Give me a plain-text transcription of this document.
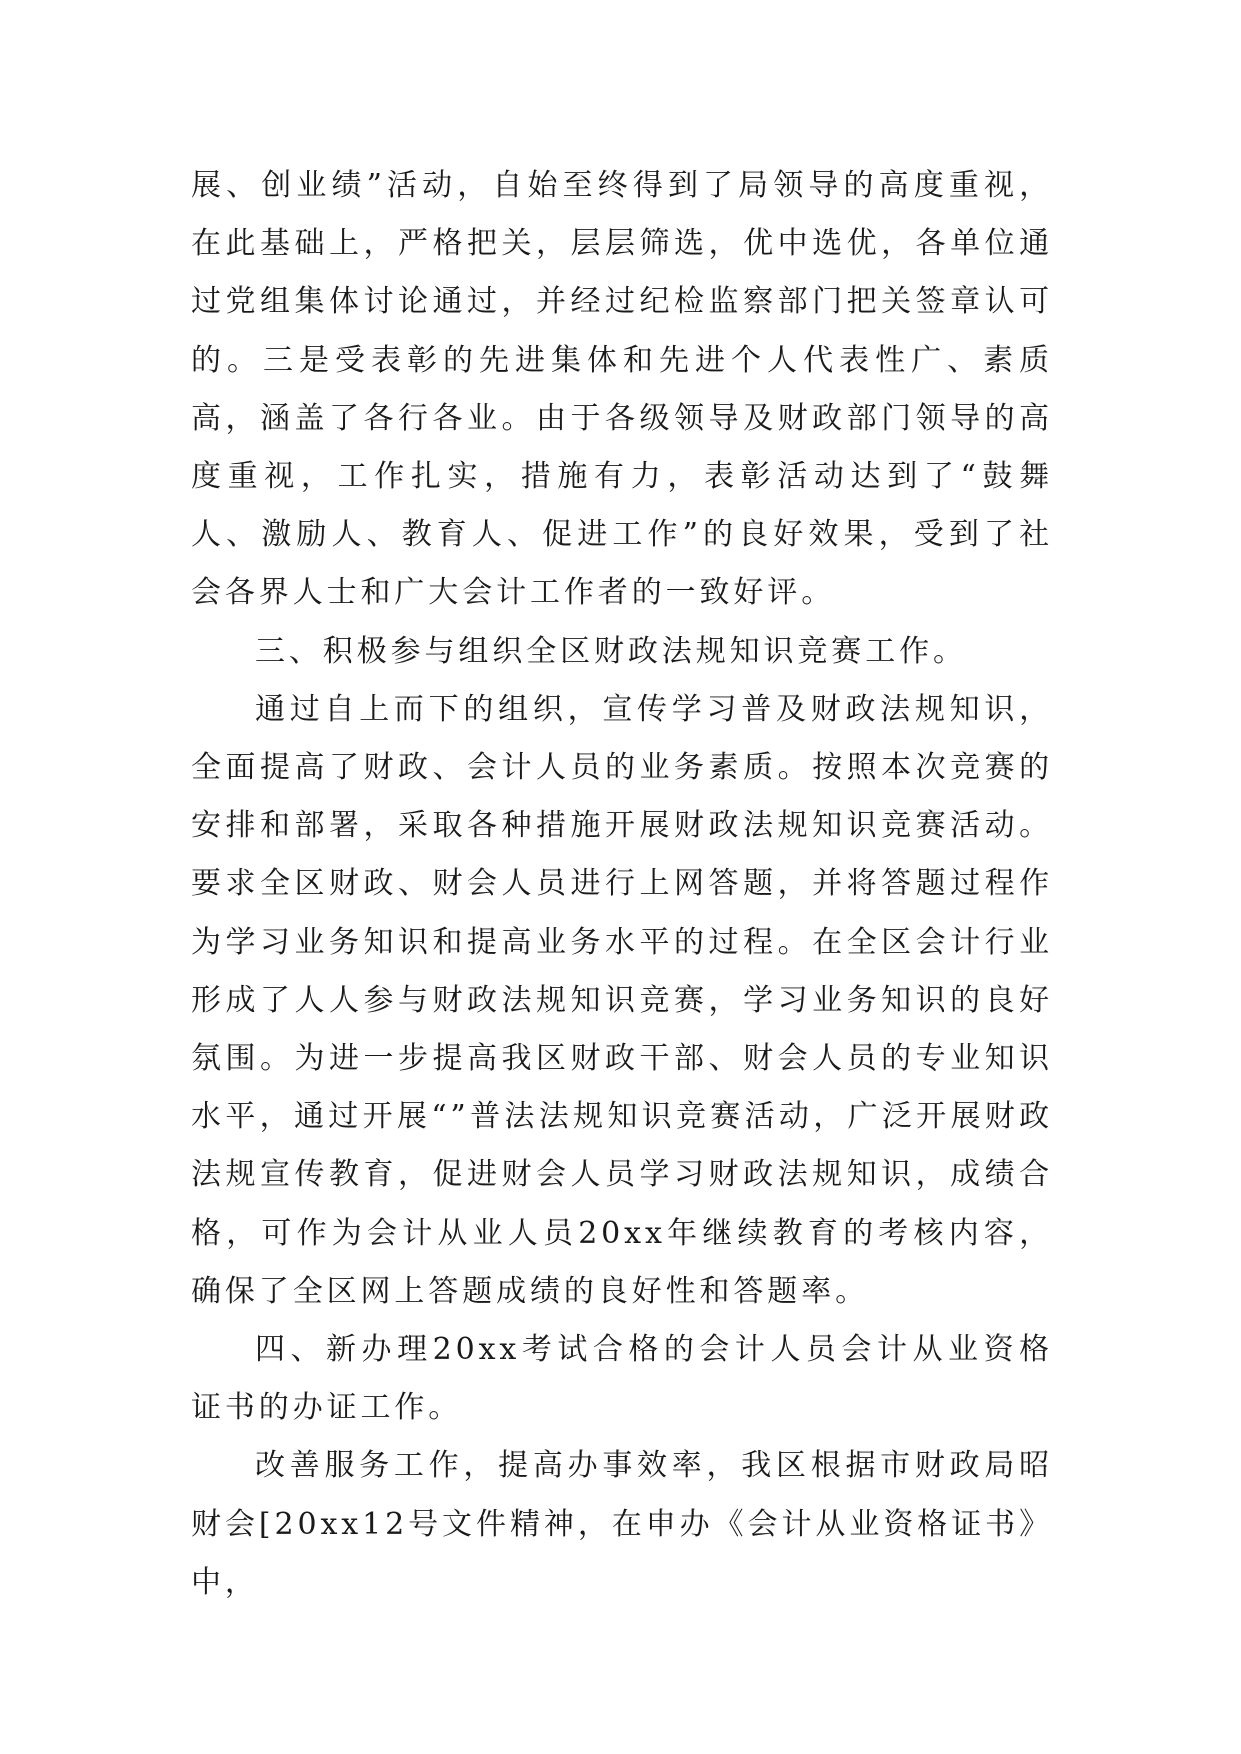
展、创业绩”活动，自始至终得到了局领导的高度重视，在此基础上，严格把关，层层筛选，优中选优，各单位通过党组集体讨论通过，并经过纪检监察部门把关签章认可的。三是受表彰的先进集体和先进个人代表性广、素质高，涵盖了各行各业。由于各级领导及财政部门领导的高度重视，工作扎实，措施有力，表彰活动达到了“鼓舞人、激励人、教育人、促进工作”的良好效果，受到了社会各界人士和广大会计工作者的一致好评。

三、积极参与组织全区财政法规知识竞赛工作。

通过自上而下的组织，宣传学习普及财政法规知识，全面提高了财政、会计人员的业务素质。按照本次竞赛的安排和部署，采取各种措施开展财政法规知识竞赛活动。要求全区财政、财会人员进行上网答题，并将答题过程作为学习业务知识和提高业务水平的过程。在全区会计行业形成了人人参与财政法规知识竞赛，学习业务知识的良好氛围。为进一步提高我区财政干部、财会人员的专业知识水平，通过开展“”普法法规知识竞赛活动，广泛开展财政法规宣传教育，促进财会人员学习财政法规知识，成绩合格，可作为会计从业人员20xx年继续教育的考核内容，确保了全区网上答题成绩的良好性和答题率。

四、新办理20xx考试合格的会计人员会计从业资格证书的办证工作。

改善服务工作，提高办事效率，我区根据市财政局昭财会[20xx12号文件精神，在申办《会计从业资格证书》中，
